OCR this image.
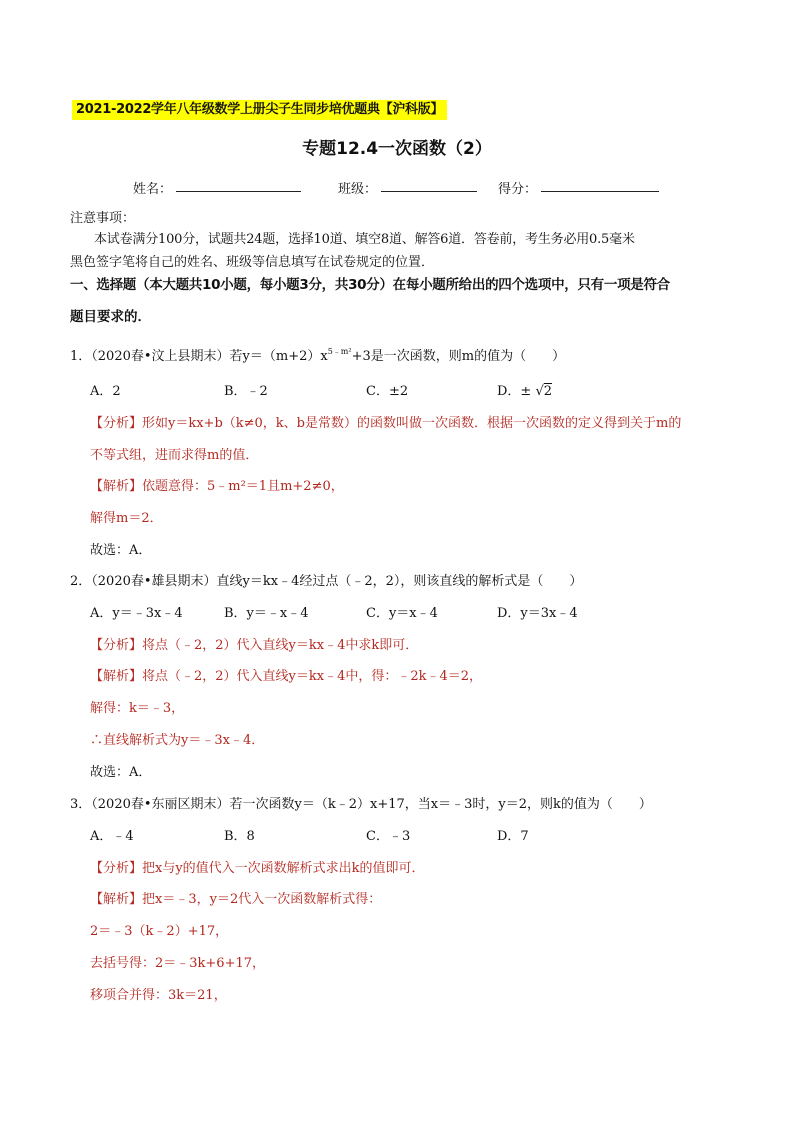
2021-2022学年八年级数学上册尖子生同步培优题典【沪科版】
专题12.4一次函数（2）
姓名：	班级：	得分：
注意事项：
本试卷满分100分，试题共24题，选择10道、填空8道、解答6道．答卷前，考生务必用0.5毫米
黑色签字笔将自己的姓名、班级等信息填写在试卷规定的位置．
一、选择题（本大题共10小题，每小题3分，共30分）在每小题所给出的四个选项中，只有一项是符合
题目要求的．
1．（2020春•汶上县期末）若$y=(m+2)x^{5﹣m^2}+3$是一次函数，则m的值为（　　）
A．2	B．﹣2	C．±2	D．± √2
【分析】形如y＝kx+b（k≠0，k、b是常数）的函数叫做一次函数．根据一次函数的定义得到关于m的
不等式组，进而求得m的值．
【解析】依题意得：5﹣m²＝1且m+2≠0，
解得m＝2．
故选：A．
2．（2020春•雄县期末）直线y＝kx﹣4经过点（﹣2，2），则该直线的解析式是（　　）
A．y＝﹣3x﹣4	B．y＝﹣x﹣4	C．y＝x﹣4	D．y＝3x﹣4
【分析】将点（﹣2，2）代入直线y＝kx﹣4中求k即可．
【解析】将点（﹣2，2）代入直线y＝kx﹣4中，得：﹣2k﹣4＝2，
解得：k＝﹣3，
∴直线解析式为y＝﹣3x﹣4．
故选：A．
3．（2020春•东丽区期末）若一次函数y＝（k﹣2）x+17，当x＝﹣3时，y＝2，则k的值为（　　）
A．﹣4	B．8	C．﹣3	D．7
【分析】把x与y的值代入一次函数解析式求出k的值即可．
【解析】把x＝﹣3，y＝2代入一次函数解析式得：
2＝﹣3（k﹣2）+17，
去括号得：2＝﹣3k+6+17，
移项合并得：3k＝21，
